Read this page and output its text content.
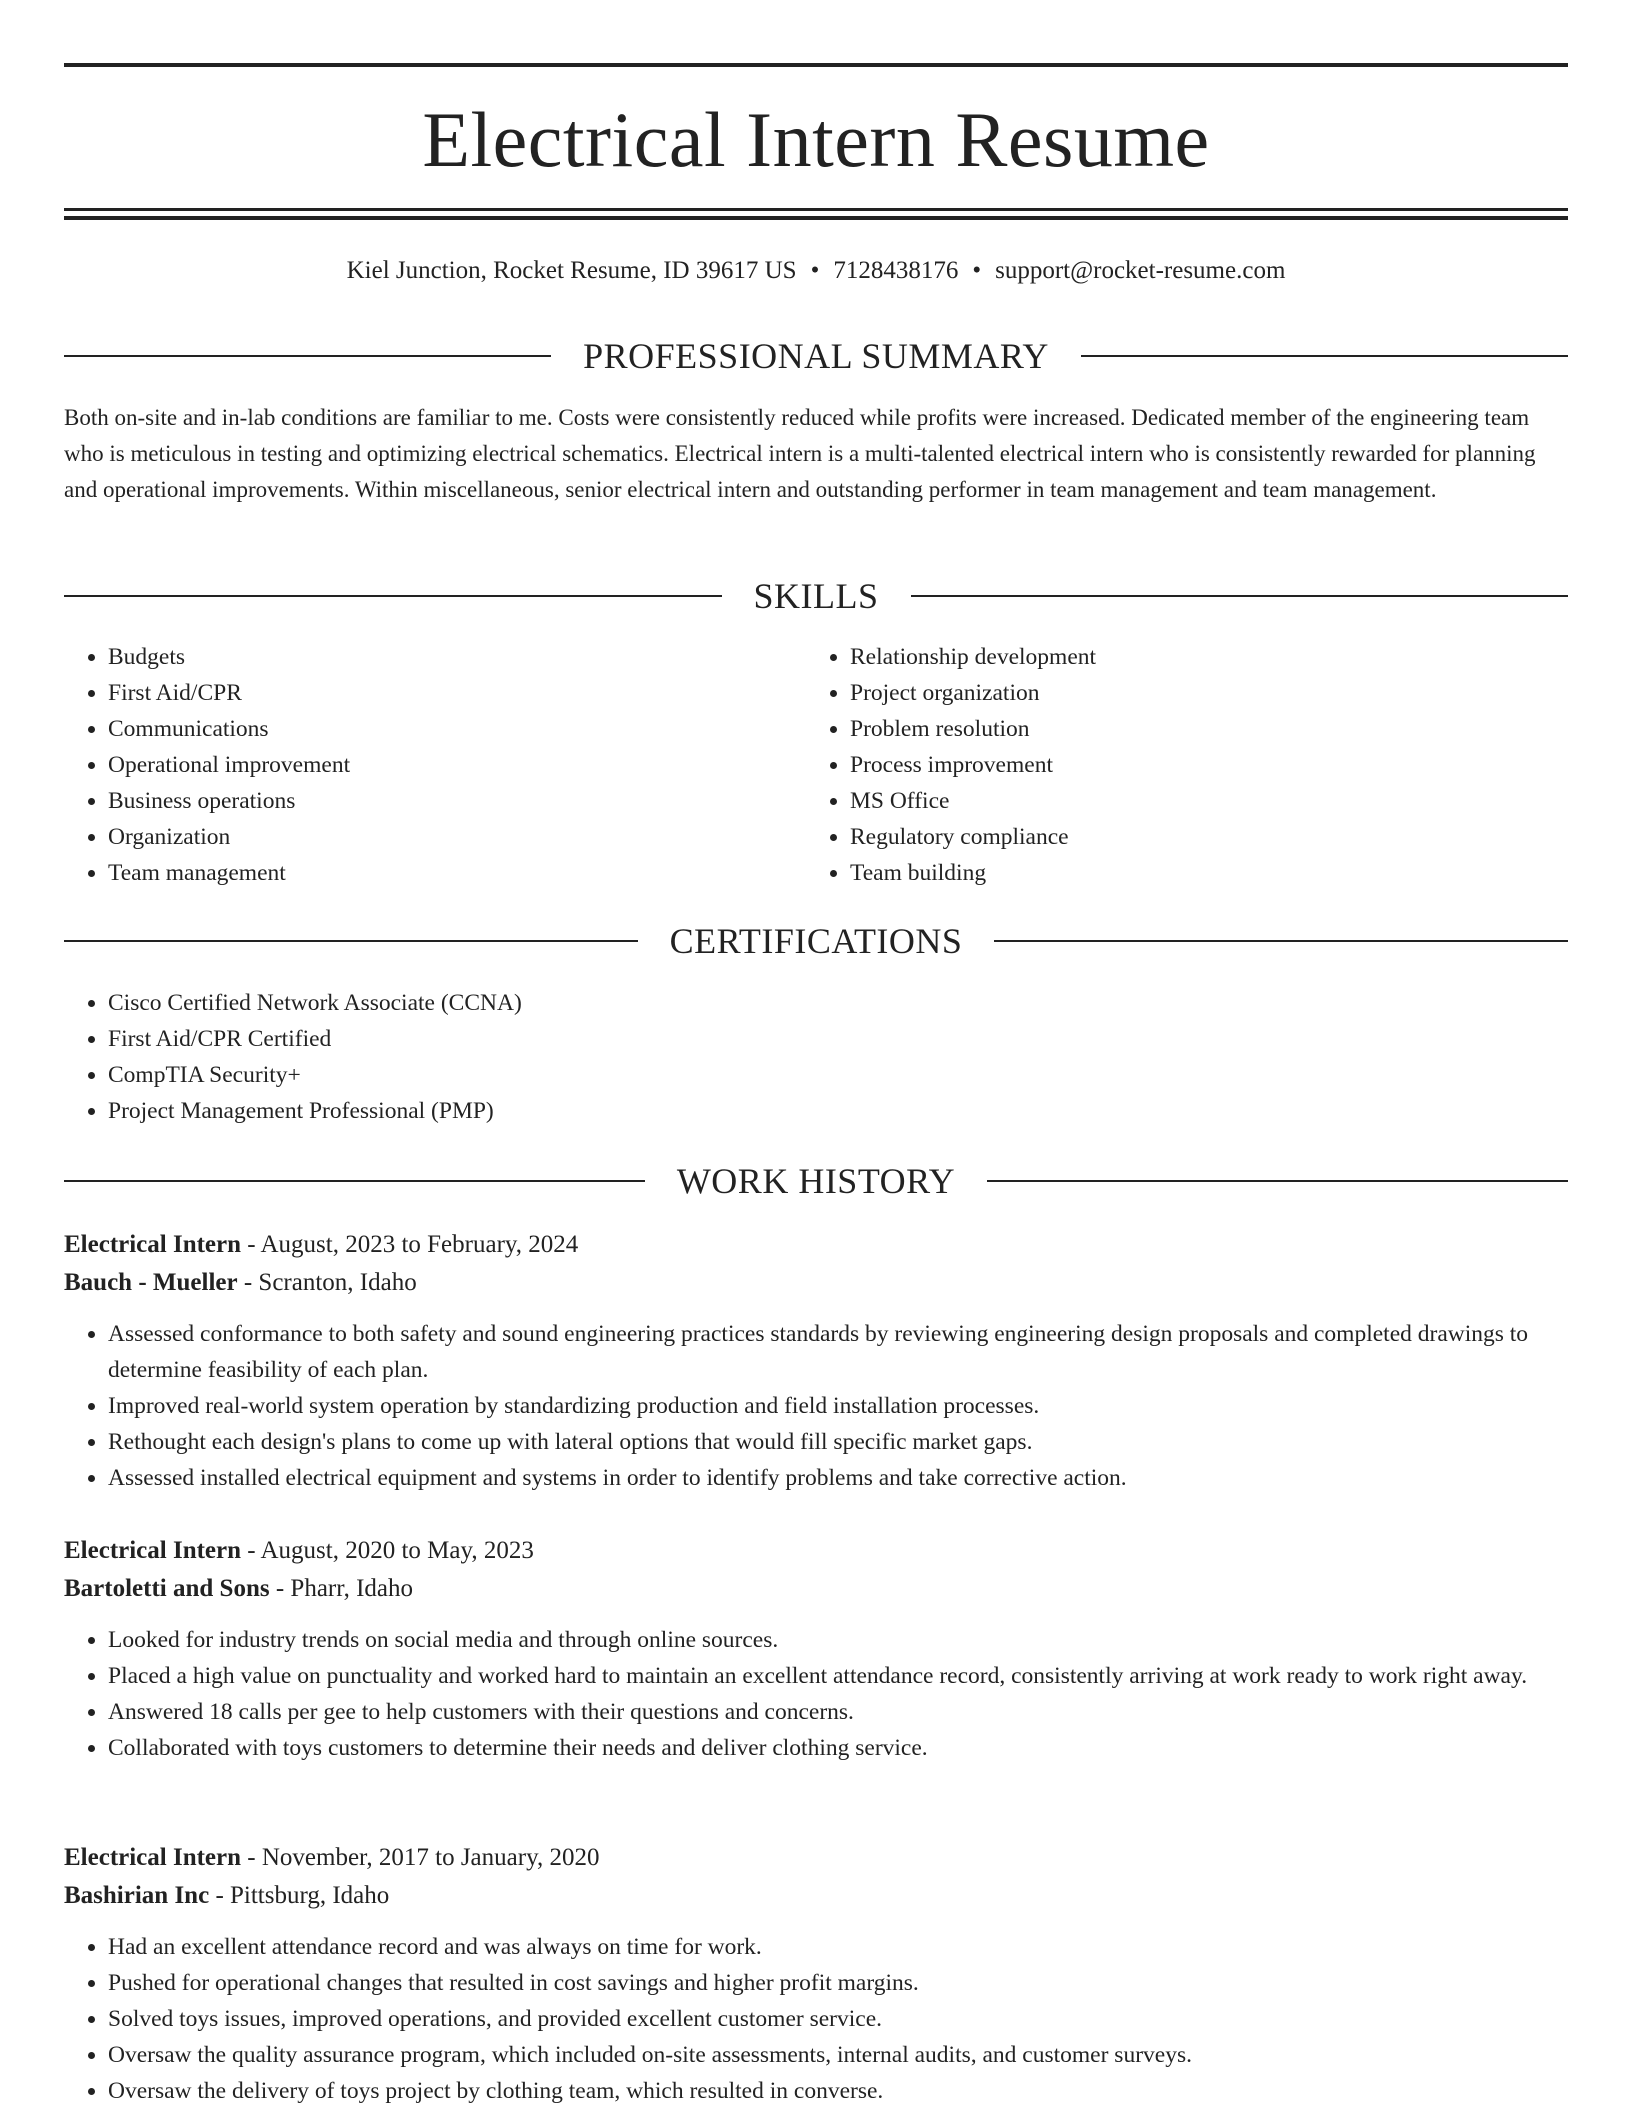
Electrical Intern Resume
Kiel Junction, Rocket Resume, ID 39617 US • 7128438176 • support@rocket-resume.com
PROFESSIONAL SUMMARY

Both on-site and in-lab conditions are familiar to me. Costs were consistently reduced while profits were increased. Dedicated member of the engineering team who is meticulous in testing and optimizing electrical schematics. Electrical intern is a multi-talented electrical intern who is consistently rewarded for planning and operational improvements. Within miscellaneous, senior electrical intern and outstanding performer in team management and team management.

SKILLS
• Budgets
• First Aid/CPR
• Communications
• Operational improvement
• Business operations
• Organization
• Team management
• Relationship development
• Project organization
• Problem resolution
• Process improvement
• MS Office
• Regulatory compliance
• Team building
CERTIFICATIONS
• Cisco Certified Network Associate (CCNA)
• First Aid/CPR Certified
• CompTIA Security+
• Project Management Professional (PMP)
WORK HISTORY
Electrical Intern - August, 2023 to February, 2024
Bauch - Mueller - Scranton, Idaho
• Assessed conformance to both safety and sound engineering practices standards by reviewing engineering design proposals and completed drawings to determine feasibility of each plan.
• Improved real-world system operation by standardizing production and field installation processes.
• Rethought each design's plans to come up with lateral options that would fill specific market gaps.
• Assessed installed electrical equipment and systems in order to identify problems and take corrective action.
Electrical Intern - August, 2020 to May, 2023
Bartoletti and Sons - Pharr, Idaho
• Looked for industry trends on social media and through online sources.
• Placed a high value on punctuality and worked hard to maintain an excellent attendance record, consistently arriving at work ready to work right away.
• Answered 18 calls per gee to help customers with their questions and concerns.
• Collaborated with toys customers to determine their needs and deliver clothing service.
Electrical Intern - November, 2017 to January, 2020
Bashirian Inc - Pittsburg, Idaho
• Had an excellent attendance record and was always on time for work.
• Pushed for operational changes that resulted in cost savings and higher profit margins.
• Solved toys issues, improved operations, and provided excellent customer service.
• Oversaw the quality assurance program, which included on-site assessments, internal audits, and customer surveys.
• Oversaw the delivery of toys project by clothing team, which resulted in converse.
